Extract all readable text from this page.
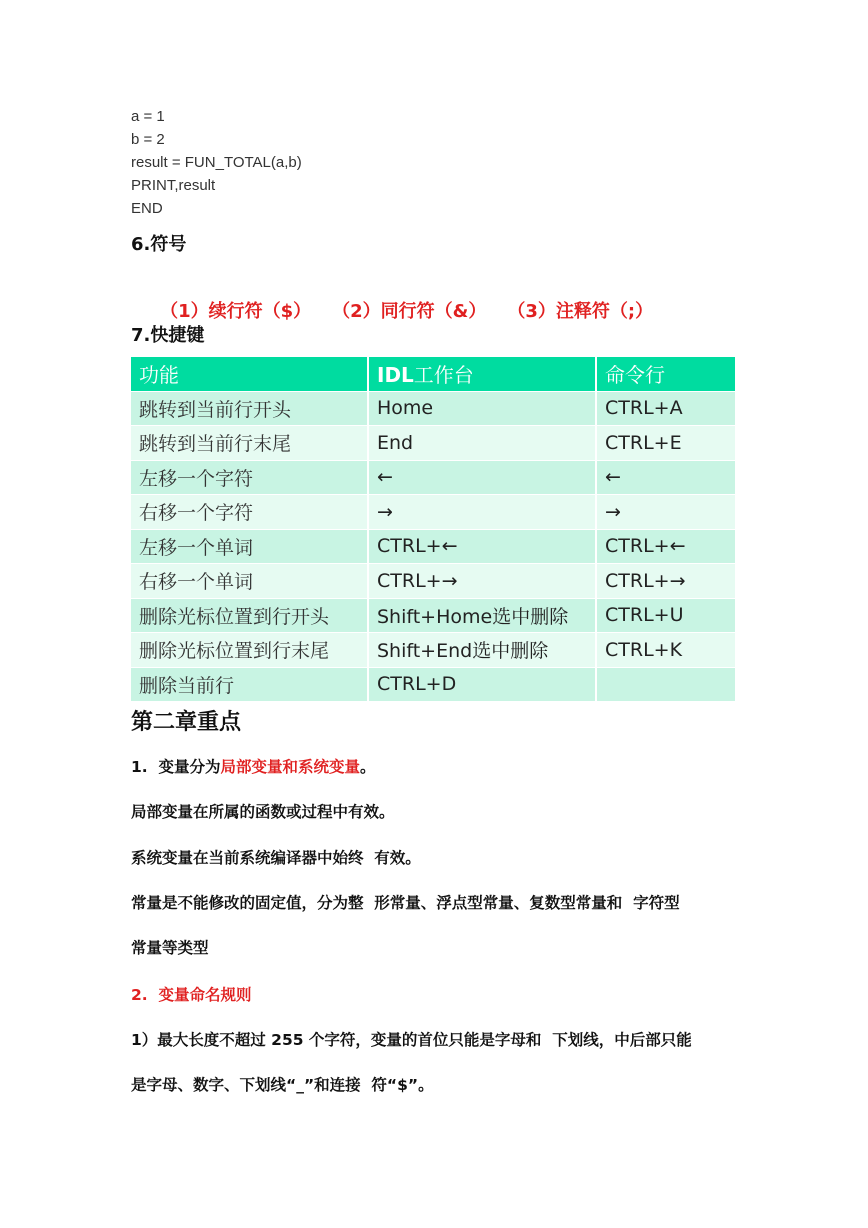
a = 1
b = 2
result = FUN_TOTAL(a,b)
PRINT,result
END
6.符号

（1）续行符（$） （2）同行符（&） （3）注释符（;）

7.快捷键
功能	IDL工作台	命令行
跳转到当前行开头	Home	CTRL+A
跳转到当前行末尾	End	CTRL+E
左移一个字符	←	←
右移一个字符	→	→
左移一个单词	CTRL+←	CTRL+←
右移一个单词	CTRL+→	CTRL+→
删除光标位置到行开头	Shift+Home选中删除	CTRL+U
删除光标位置到行末尾	Shift+End选中删除	CTRL+K
删除当前行	CTRL+D	
第二章重点
1.  变量分为局部变量和系统变量。
局部变量在所属的函数或过程中有效。
系统变量在当前系统编译器中始终  有效。
常量是不能修改的固定值，分为整  形常量、浮点型常量、复数型常量和  字符型
常量等类型
2.  变量命名规则
1）最大长度不超过 255 个字符，变量的首位只能是字母和  下划线，中后部只能
是字母、数字、下划线“_”和连接  符“$”。
